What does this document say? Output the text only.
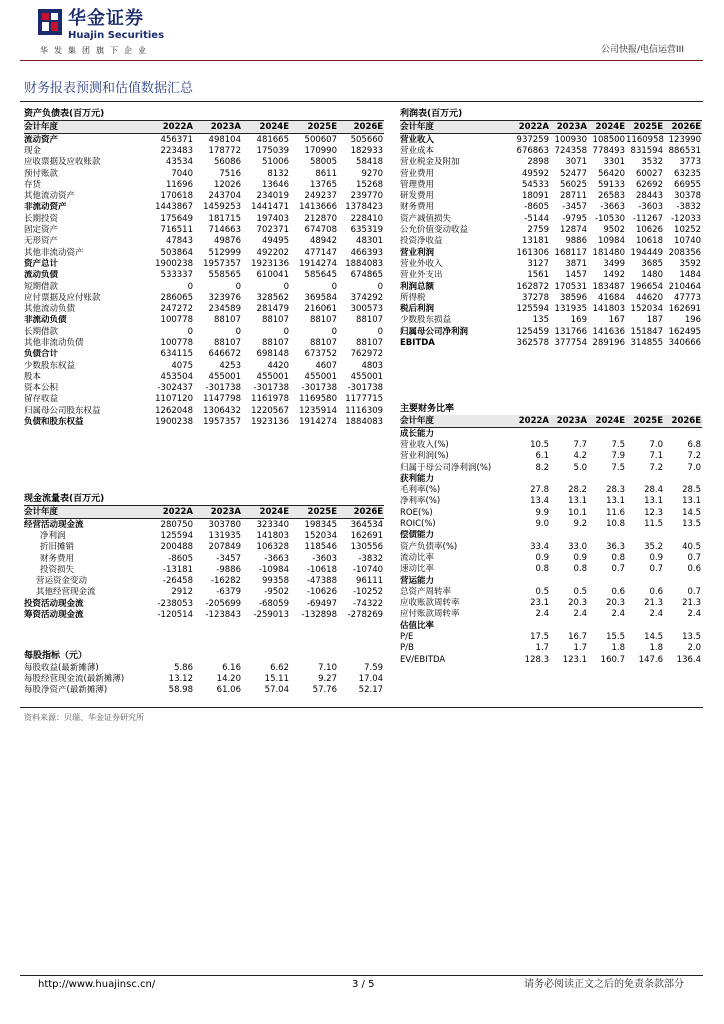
华金证券
Huajin Securities
华发集团旗下企业	公司快报/电信运营III
财务报表预测和估值数据汇总
资产负债表(百万元)					
会计年度	2022A	2023A	2024E	2025E	2026E
流动资产	456371	498104	481665	500607	505660
现金	223483	178772	175039	170990	182933
应收票据及应收账款	43534	56086	51006	58005	58418
预付账款	7040	7516	8132	8611	9270
存货	11696	12026	13646	13765	15268
其他流动资产	170618	243704	234019	249237	239770
非流动资产	1443867	1459253	1441471	1413666	1378423
长期投资	175649	181715	197403	212870	228410
固定资产	716511	714663	702371	674708	635319
无形资产	47843	49876	49495	48942	48301
其他非流动资产	503864	512999	492202	477147	466393
资产总计	1900238	1957357	1923136	1914274	1884083
流动负债	533337	558565	610041	585645	674865
短期借款	0	0	0	0	0
应付票据及应付账款	286065	323976	328562	369584	374292
其他流动负债	247272	234589	281479	216061	300573
非流动负债	100778	88107	88107	88107	88107
长期借款	0	0	0	0	0
其他非流动负债	100778	88107	88107	88107	88107
负债合计	634115	646672	698148	673752	762972
少数股东权益	4075	4253	4420	4607	4803
股本	453504	455001	455001	455001	455001
资本公积	-302437	-301738	-301738	-301738	-301738
留存收益	1107120	1147798	1161978	1169580	1177715
归属母公司股东权益	1262048	1306432	1220567	1235914	1116309
负债和股东权益	1900238	1957357	1923136	1914274	1884083
现金流量表(百万元)					
会计年度	2022A	2023A	2024E	2025E	2026E
经营活动现金流	280750	303780	323340	198345	364534
净利润	125594	131935	141803	152034	162691
折旧摊销	200488	207849	106328	118546	130556
财务费用	-8605	-3457	-3663	-3603	-3832
投资损失	-13181	-9886	-10984	-10618	-10740
营运资金变动	-26458	-16282	99358	-47388	96111
其他经营现金流	2912	-6379	-9502	-10626	-10252
投资活动现金流	-238053	-205699	-68059	-69497	-74322
筹资活动现金流	-120514	-123843	-259013	-132898	-278269
每股指标（元）					
每股收益(最新摊薄)	5.86	6.16	6.62	7.10	7.59
每股经营现金流(最新摊薄)	13.12	14.20	15.11	9.27	17.04
每股净资产(最新摊薄)	58.98	61.06	57.04	57.76	52.17
利润表(百万元)					
会计年度	2022A	2023A	2024E	2025E	2026E
营业收入	937259	100930	108500	1160958	123990
营业成本	676863	724358	778493	831594	886531
营业税金及附加	2898	3071	3301	3532	3773
营业费用	49592	52477	56420	60027	63235
管理费用	54533	56025	59133	62692	66955
研发费用	18091	28711	26583	28443	30378
财务费用	-8605	-3457	-3663	-3603	-3832
资产减值损失	-5144	-9795	-10530	-11267	-12033
公允价值变动收益	2759	12874	9502	10626	10252
投资净收益	13181	9886	10984	10618	10740
营业利润	161306	168117	181480	194449	208356
营业外收入	3127	3871	3499	3685	3592
营业外支出	1561	1457	1492	1480	1484
利润总额	162872	170531	183487	196654	210464
所得税	37278	38596	41684	44620	47773
税后利润	125594	131935	141803	152034	162691
少数股东损益	135	169	167	187	196
归属母公司净利润	125459	131766	141636	151847	162495
EBITDA	362578	377754	289196	314855	340666
主要财务比率					
会计年度	2022A	2023A	2024E	2025E	2026E
成长能力					
营业收入(%)	10.5	7.7	7.5	7.0	6.8
营业利润(%)	6.1	4.2	7.9	7.1	7.2
归属于母公司净利润(%)	8.2	5.0	7.5	7.2	7.0
获利能力					
毛利率(%)	27.8	28.2	28.3	28.4	28.5
净利率(%)	13.4	13.1	13.1	13.1	13.1
ROE(%)	9.9	10.1	11.6	12.3	14.5
ROIC(%)	9.0	9.2	10.8	11.5	13.5
偿债能力					
资产负债率(%)	33.4	33.0	36.3	35.2	40.5
流动比率	0.9	0.9	0.8	0.9	0.7
速动比率	0.8	0.8	0.7	0.7	0.6
营运能力					
总资产周转率	0.5	0.5	0.6	0.6	0.7
应收账款周转率	23.1	20.3	20.3	21.3	21.3
应付账款周转率	2.4	2.4	2.4	2.4	2.4
估值比率					
P/E	17.5	16.7	15.5	14.5	13.5
P/B	1.7	1.7	1.8	1.8	2.0
EV/EBITDA	128.3	123.1	160.7	147.6	136.4
资料来源：贝瑞、华金证券研究所
http://www.huajinsc.cn/	3 / 5	请务必阅读正文之后的免责条款部分
